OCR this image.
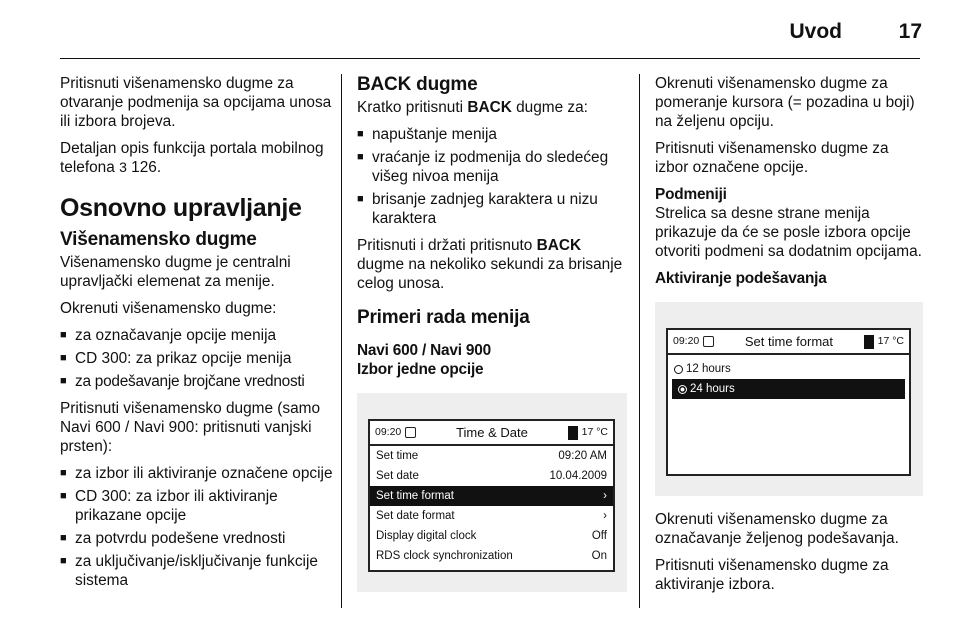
Uvod	17

Pritisnuti višenamensko dugme za otvaranje podmenija sa opcijama unosa ili izbora brojeva.

Detaljan opis funkcija portala mobilnog telefona 3 126.

Osnovno upravljanje
Višenamensko dugme

Višenamensko dugme je centralni upravljački elemenat za menije.

Okrenuti višenamensko dugme:

■ za označavanje opcije menija
■ CD 300: za prikaz opcije menija
■ za podešavanje brojčane vrednosti

Pritisnuti višenamensko dugme (samo Navi 600 / Navi 900: pritisnuti vanjski prsten):

■ za izbor ili aktiviranje označene opcije
■ CD 300: za izbor ili aktiviranje prikazane opcije
■ za potvrdu podešene vrednosti
■ za uključivanje/isključivanje funkcije sistema
BACK dugme

Kratko pritisnuti BACK dugme za:

■ napuštanje menija
■ vraćanje iz podmenija do sledećeg višeg nivoa menija
■ brisanje zadnjeg karaktera u nizu karaktera

Pritisnuti i držati pritisnuto BACK dugme na nekoliko sekundi za brisanje celog unosa.

Primeri rada menija
Navi 600 / Navi 900
Izbor jedne opcije
09:20	Time & Date	17 °C
Set time	09:20 AM
Set date	10.04.2009
Set time format	›
Set date format	›
Display digital clock	Off
RDS clock synchronization	On

Okrenuti višenamensko dugme za pomeranje kursora (= pozadina u boji) na željenu opciju.

Pritisnuti višenamensko dugme za izbor označene opcije.

Podmeniji

Strelica sa desne strane menija prikazuje da će se posle izbora opcije otvoriti podmeni sa dodatnim opcijama.

Aktiviranje podešavanja
09:20	Set time format	17 °C
12 hours
24 hours

Okrenuti višenamensko dugme za označavanje željenog podešavanja.

Pritisnuti višenamensko dugme za aktiviranje izbora.
